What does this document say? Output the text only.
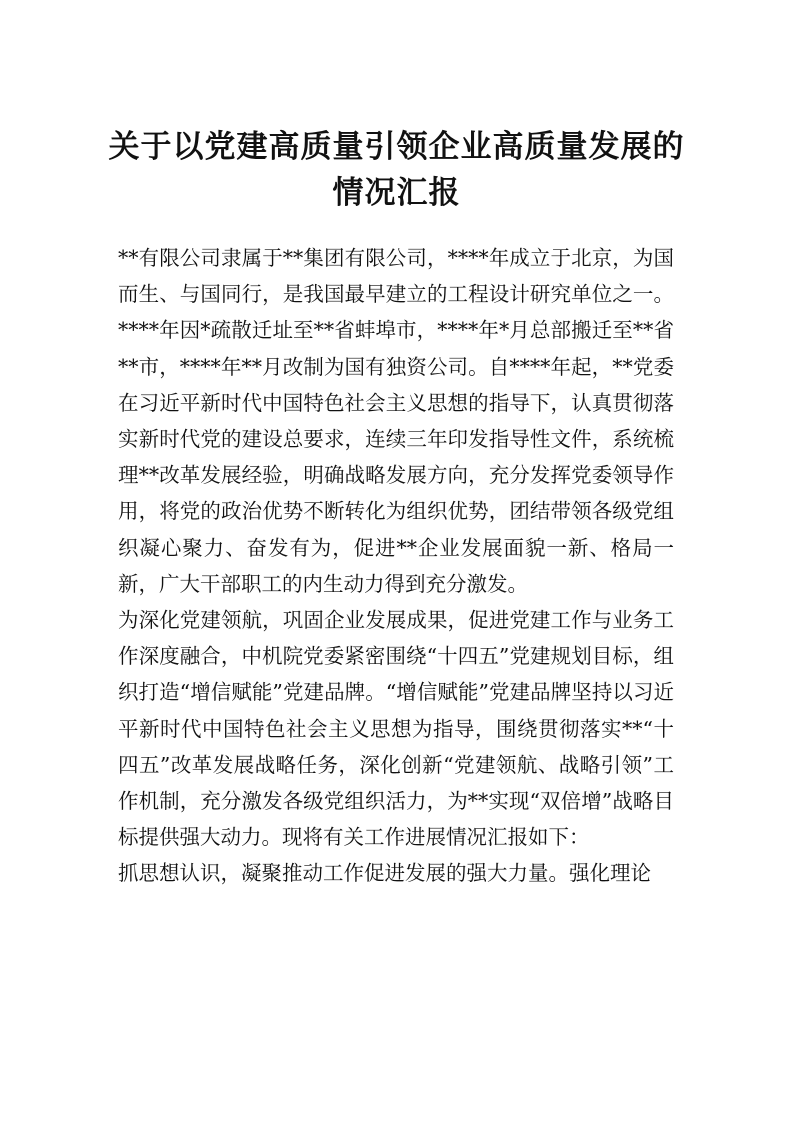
关于以党建高质量引领企业高质量发展的
情况汇报

**有限公司隶属于**集团有限公司，****年成立于北京，为国而生、与国同行，是我国最早建立的工程设计研究单位之一。****年因*疏散迁址至**省蚌埠市，****年*月总部搬迁至**省**市，****年**月改制为国有独资公司。自****年起，**党委在习近平新时代中国特色社会主义思想的指导下，认真贯彻落实新时代党的建设总要求，连续三年印发指导性文件，系统梳理**改革发展经验，明确战略发展方向，充分发挥党委领导作用，将党的政治优势不断转化为组织优势，团结带领各级党组织凝心聚力、奋发有为，促进**企业发展面貌一新、格局一新，广大干部职工的内生动力得到充分激发。

为深化党建领航，巩固企业发展成果，促进党建工作与业务工作深度融合，中机院党委紧密围绕“十四五”党建规划目标，组织打造“增信赋能”党建品牌。“增信赋能”党建品牌坚持以习近平新时代中国特色社会主义思想为指导，围绕贯彻落实**“十四五”改革发展战略任务，深化创新“党建领航、战略引领”工作机制，充分激发各级党组织活力，为**实现“双倍增”战略目标提供强大动力。现将有关工作进展情况汇报如下：

抓思想认识，凝聚推动工作促进发展的强大力量。强化理论
